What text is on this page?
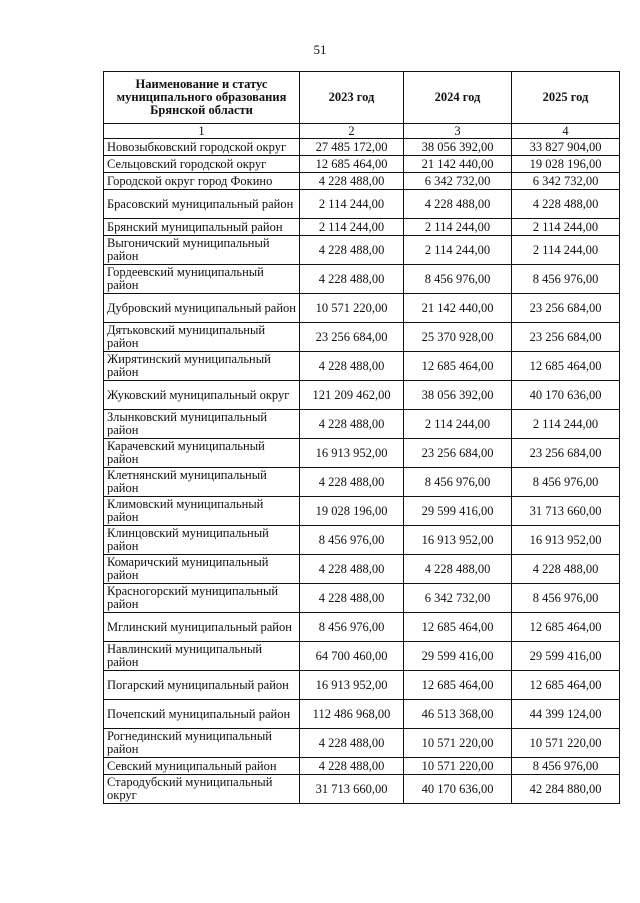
51
Наименование и статус муниципального образования Брянской области	2023 год	2024 год	2025 год
1	2	3	4
Новозыбковский городской округ	27 485 172,00	38 056 392,00	33 827 904,00
Сельцовский городской округ	12 685 464,00	21 142 440,00	19 028 196,00
Городской округ город Фокино	4 228 488,00	6 342 732,00	6 342 732,00
Брасовский муниципальный район	2 114 244,00	4 228 488,00	4 228 488,00
Брянский муниципальный район	2 114 244,00	2 114 244,00	2 114 244,00
Выгоничский муниципальный район	4 228 488,00	2 114 244,00	2 114 244,00
Гордеевский муниципальный район	4 228 488,00	8 456 976,00	8 456 976,00
Дубровский муниципальный район	10 571 220,00	21 142 440,00	23 256 684,00
Дятьковский муниципальный район	23 256 684,00	25 370 928,00	23 256 684,00
Жирятинский муниципальный район	4 228 488,00	12 685 464,00	12 685 464,00
Жуковский муниципальный округ	121 209 462,00	38 056 392,00	40 170 636,00
Злынковский муниципальный район	4 228 488,00	2 114 244,00	2 114 244,00
Карачевский муниципальный район	16 913 952,00	23 256 684,00	23 256 684,00
Клетнянский муниципальный район	4 228 488,00	8 456 976,00	8 456 976,00
Климовский муниципальный район	19 028 196,00	29 599 416,00	31 713 660,00
Клинцовский муниципальный район	8 456 976,00	16 913 952,00	16 913 952,00
Комаричский муниципальный район	4 228 488,00	4 228 488,00	4 228 488,00
Красногорский муниципальный район	4 228 488,00	6 342 732,00	8 456 976,00
Мглинский муниципальный район	8 456 976,00	12 685 464,00	12 685 464,00
Навлинский муниципальный район	64 700 460,00	29 599 416,00	29 599 416,00
Погарский муниципальный район	16 913 952,00	12 685 464,00	12 685 464,00
Почепский муниципальный район	112 486 968,00	46 513 368,00	44 399 124,00
Рогнединский муниципальный район	4 228 488,00	10 571 220,00	10 571 220,00
Севский муниципальный район	4 228 488,00	10 571 220,00	8 456 976,00
Стародубский муниципальный округ	31 713 660,00	40 170 636,00	42 284 880,00
